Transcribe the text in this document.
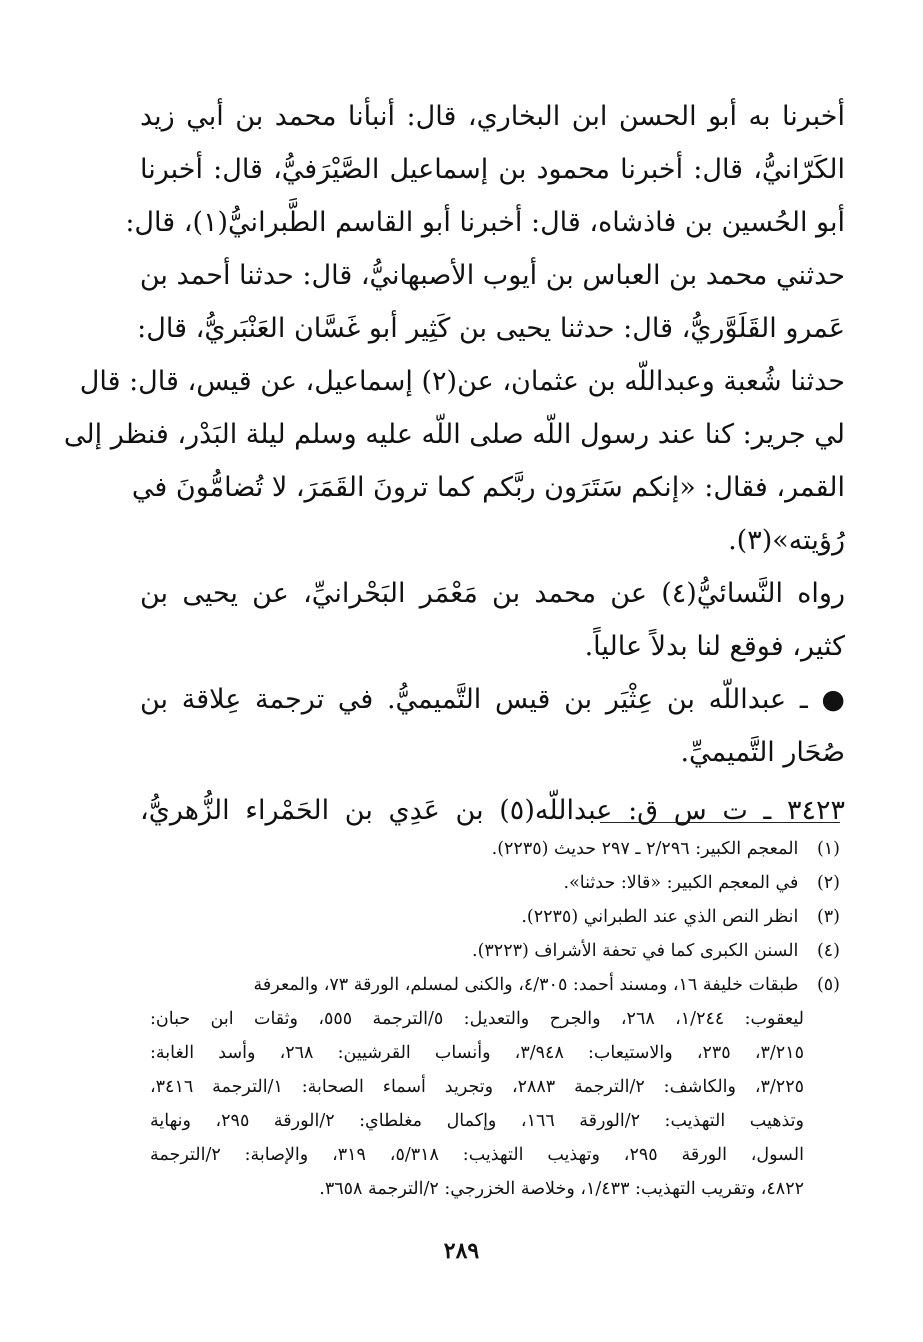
أخبرنا به أبو الحسن ابن البخاري، قال: أنبأنا محمد بن أبي زيد
الكَرّانيُّ، قال: أخبرنا محمود بن إسماعيل الصَّيْرَفيُّ، قال: أخبرنا
أبو الحُسين بن فاذشاه، قال: أخبرنا أبو القاسم الطَّبرانيُّ(١)، قال:
حدثني محمد بن العباس بن أيوب الأصبهانيُّ، قال: حدثنا أحمد بن
عَمرو القَلَوَّريُّ، قال: حدثنا يحيى بن كَثِير أبو غَسَّان العَنْبَريُّ، قال:
حدثنا شُعبة وعبداللّه بن عثمان، عن(٢) إسماعيل، عن قيس، قال: قال
لي جرير: كنا عند رسول اللّه صلى اللّه عليه وسلم ليلة البَدْر، فنظر إلى
القمر، فقال: «إنكم سَتَرَون ربَّكم كما ترونَ القَمَرَ، لا تُضامُّونَ في
رُؤيته»(٣).
رواه النَّسائيُّ(٤) عن محمد بن مَعْمَر البَحْرانيِّ، عن يحيى بن
كثير، فوقع لنا بدلاً عالياً.
● ـ عبداللّه بن عِثْيَر بن قيس التَّميميُّ. في ترجمة عِلاقة بن
صُحَار التَّميميِّ.
٣٤٢٣ ـ ت س ق: عبداللّه(٥) بن عَدِي بن الحَمْراء الزُّهريُّ،
(١) المعجم الكبير: ٢/٢٩٦ ـ ٢٩٧ حديث (٢٢٣٥).
(٢) في المعجم الكبير: «قالا: حدثنا».
(٣) انظر النص الذي عند الطبراني (٢٢٣٥).
(٤) السنن الكبرى كما في تحفة الأشراف (٣٢٢٣).
(٥) طبقات خليفة ١٦، ومسند أحمد: ٤/٣٠٥، والكنى لمسلم، الورقة ٧٣، والمعرفة
ليعقوب: ١/٢٤٤، ٢٦٨، والجرح والتعديل: ٥/الترجمة ٥٥٥، وثقات ابن حبان:
٣/٢١٥، ٢٣٥، والاستيعاب: ٣/٩٤٨، وأنساب القرشيين: ٢٦٨، وأسد الغابة:
٣/٢٢٥، والكاشف: ٢/الترجمة ٢٨٨٣، وتجريد أسماء الصحابة: ١/الترجمة ٣٤١٦،
وتذهيب التهذيب: ٢/الورقة ١٦٦، وإكمال مغلطاي: ٢/الورقة ٢٩٥، ونهاية
السول، الورقة ٢٩٥، وتهذيب التهذيب: ٥/٣١٨، ٣١٩، والإصابة: ٢/الترجمة
٤٨٢٢، وتقريب التهذيب: ١/٤٣٣، وخلاصة الخزرجي: ٢/الترجمة ٣٦٥٨.
٢٨٩
